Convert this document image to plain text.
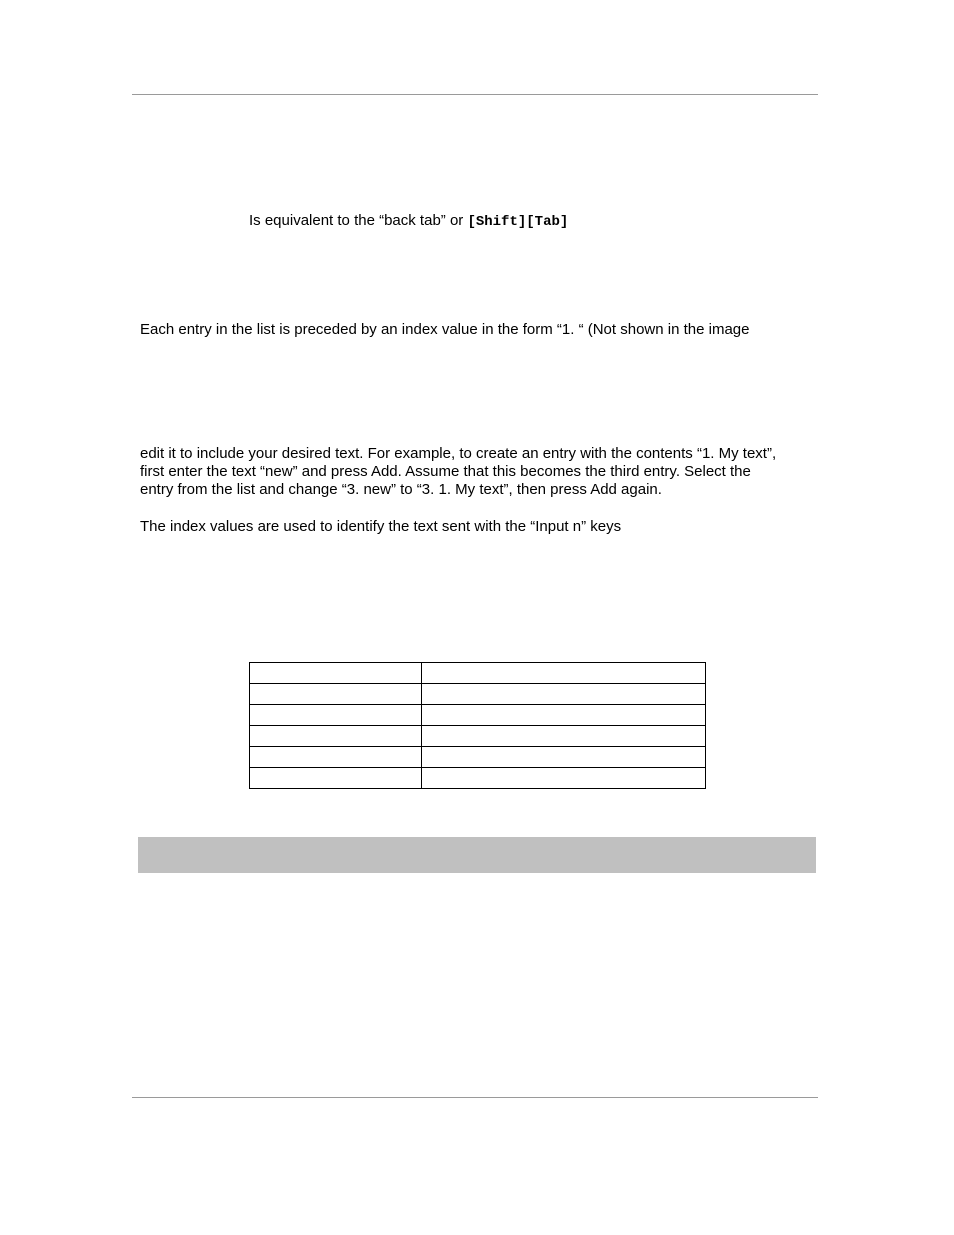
Is equivalent to the “back tab” or [Shift][Tab]
Each entry in the list is preceded by an index value in the form “1. “ (Not shown in the image
edit it to include your desired text. For example, to create an entry with the contents “1. My text”,
first enter the text “new” and press Add. Assume that this becomes the third entry. Select the
entry from the list and change “3. new” to “3. 1. My text”, then press Add again.
The index values are used to identify the text sent with the “Input n” keys
